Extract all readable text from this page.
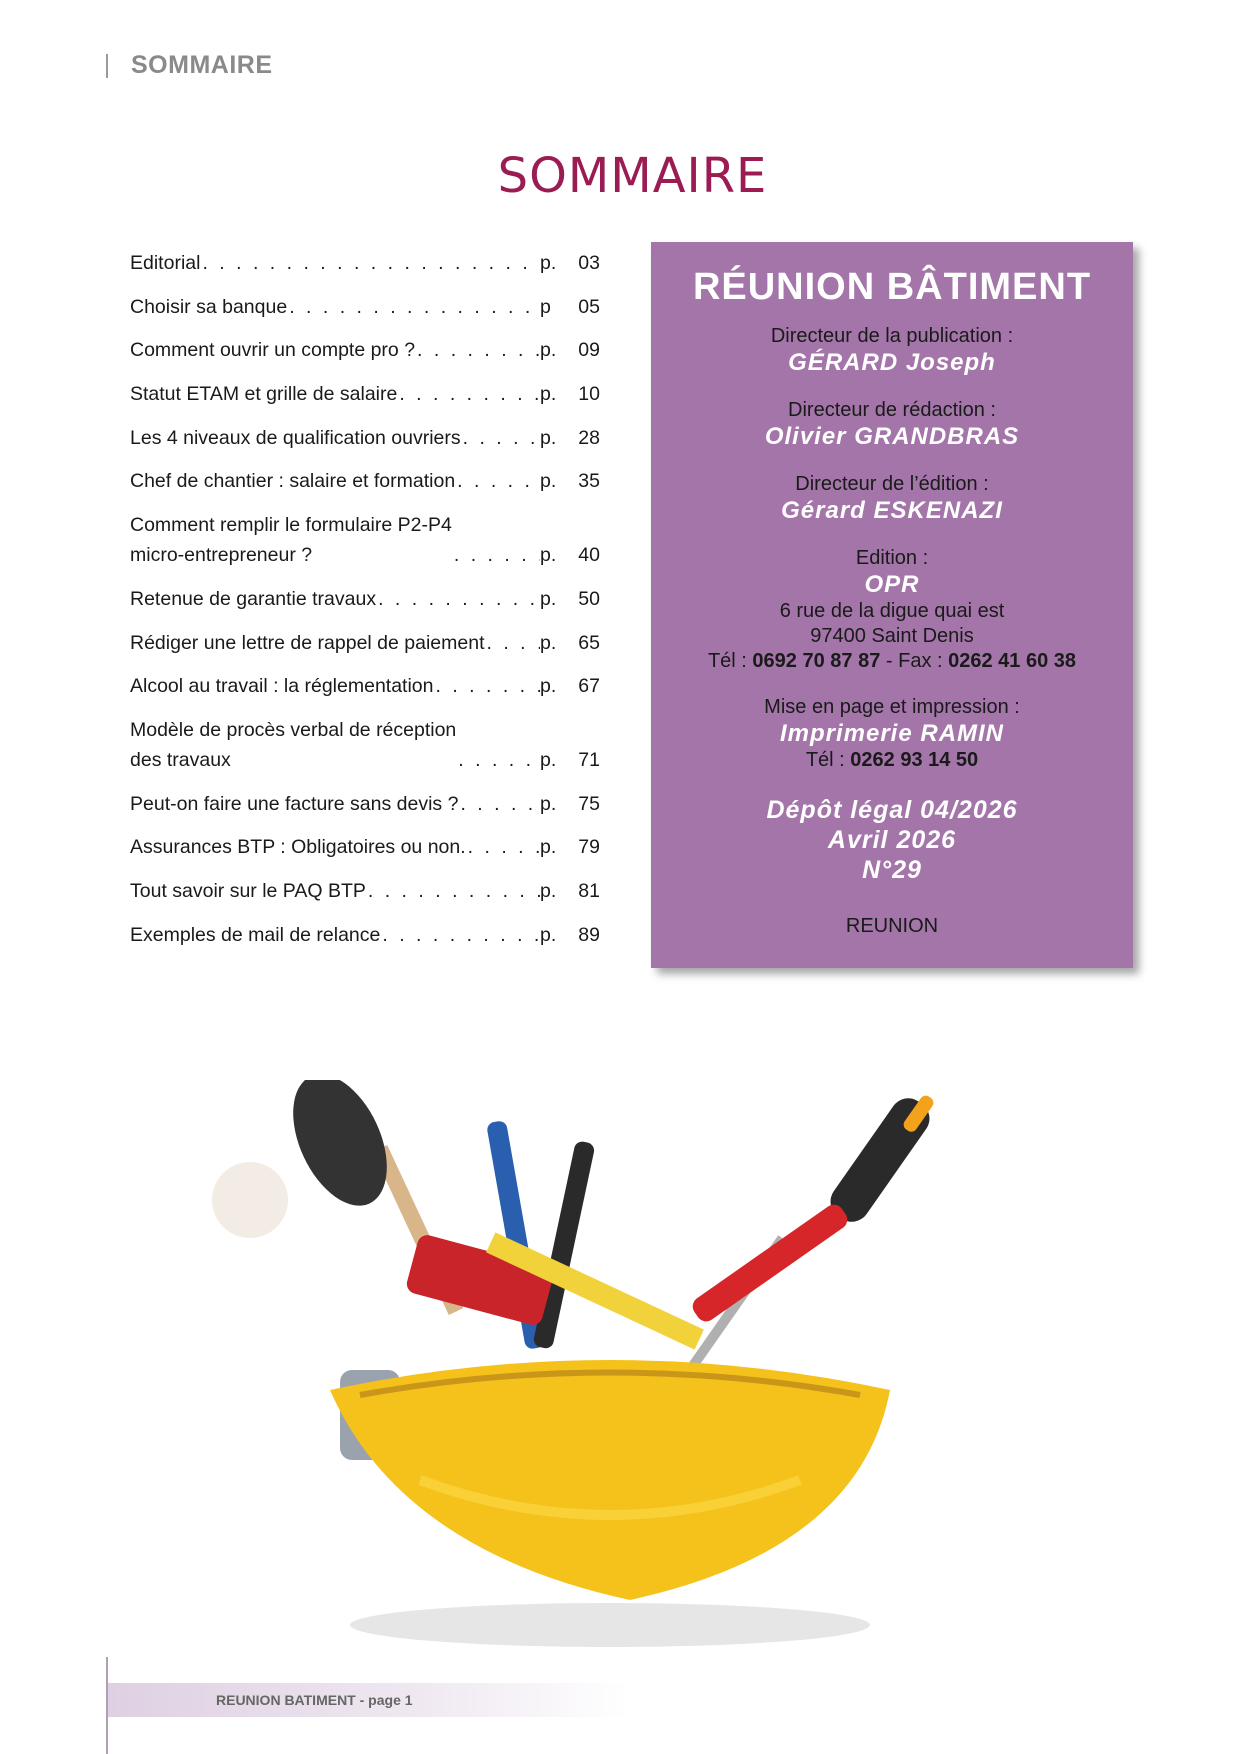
SOMMAIRE
SOMMAIRE
Editorial . . .	p.	03
Choisir sa banque . . .	p	05
Comment ouvrir un compte pro ? . . .	p.	09
Statut ETAM et grille de salaire . . .	p.	10
Les 4 niveaux de qualification ouvriers . . .	p.	28
Chef de chantier : salaire et formation . . .	p.	35
Comment remplir le formulaire P2-P4
micro-entrepreneur ? . . .	p.	40
Retenue de garantie travaux . . .	p.	50
Rédiger une lettre de rappel de paiement . . .	p.	65
Alcool au travail : la réglementation . . .	p.	67
Modèle de procès verbal de réception
des travaux . . .	p.	71
Peut-on faire une facture sans devis ? . . .	p.	75
Assurances BTP : Obligatoires ou non. . . .	p.	79
Tout savoir sur le PAQ BTP . . .	p.	81
Exemples de mail de relance . . .	p.	89
RÉUNION BÂTIMENT
Directeur de la publication :
GÉRARD Joseph
Directeur de rédaction :
Olivier GRANDBRAS
Directeur de l’édition :
Gérard ESKENAZI
Edition :
OPR
6 rue de la digue quai est
97400 Saint Denis
Tél : 0692 70 87 87 - Fax : 0262 41 60 38
Mise en page et impression :
Imprimerie RAMIN
Tél : 0262 93 14 50
Dépôt légal 04/2026
Avril 2026
N°29
REUNION
REUNION BATIMENT - page 1
